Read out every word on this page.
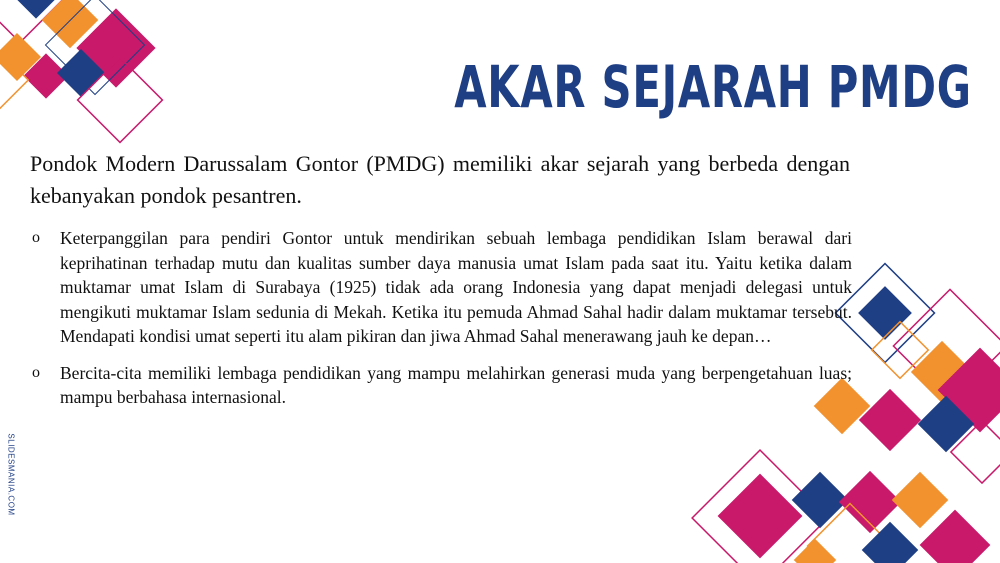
AKAR SEJARAH PMDG

Pondok Modern Darussalam Gontor (PMDG) memiliki akar sejarah yang berbeda dengan kebanyakan pondok pesantren.

o Keterpanggilan para pendiri Gontor untuk mendirikan sebuah lembaga pendidikan Islam berawal dari keprihatinan terhadap mutu dan kualitas sumber daya manusia umat Islam pada saat itu. Yaitu ketika dalam muktamar umat Islam di Surabaya (1925) tidak ada orang Indonesia yang dapat menjadi delegasi untuk mengikuti muktamar Islam sedunia di Mekah. Ketika itu pemuda Ahmad Sahal hadir dalam muktamar tersebut. Mendapati kondisi umat seperti itu alam pikiran dan jiwa Ahmad Sahal menerawang jauh ke depan…
o Bercita-cita memiliki lembaga pendidikan yang mampu melahirkan generasi muda yang berpengetahuan luas; mampu berbahasa internasional.
SLIDESMANIA.COM
